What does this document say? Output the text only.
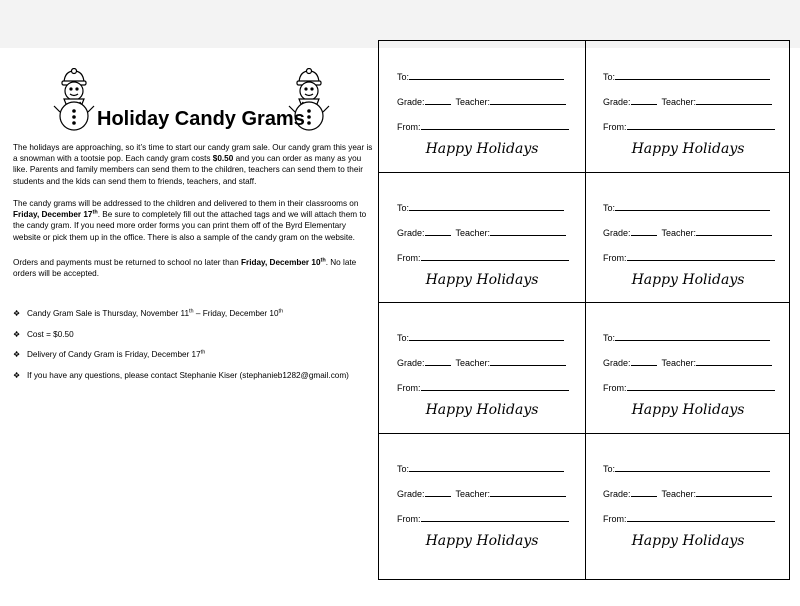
Holiday Candy Grams
The holidays are approaching, so it’s time to start our candy gram sale. Our candy gram this year is a snowman with a tootsie pop. Each candy gram costs $0.50 and you can order as many as you like. Parents and family members can send them to the children, teachers can send them to their students and the kids can send them to friends, teachers, and staff.
The candy grams will be addressed to the children and delivered to them in their classrooms on Friday, December 17th. Be sure to completely fill out the attached tags and we will attach them to the candy gram. If you need more order forms you can print them off of the Byrd Elementary website or pick them up in the office. There is also a sample of the candy gram on the website.
Orders and payments must be returned to school no later than Friday, December 10th. No late orders will be accepted.
❖ Candy Gram Sale is Thursday, November 11th – Friday, December 10th
❖ Cost = $0.50
❖ Delivery of Candy Gram is Friday, December 17th
❖ If you have any questions, please contact Stephanie Kiser (stephanieb1282@gmail.com)
To:
Grade:	Teacher:
From:
Happy Holidays
To:
Grade:	Teacher:
From:
Happy Holidays
To:
Grade:	Teacher:
From:
Happy Holidays
To:
Grade:	Teacher:
From:
Happy Holidays
To:
Grade:	Teacher:
From:
Happy Holidays
To:
Grade:	Teacher:
From:
Happy Holidays
To:
Grade:	Teacher:
From:
Happy Holidays
To:
Grade:	Teacher:
From:
Happy Holidays
